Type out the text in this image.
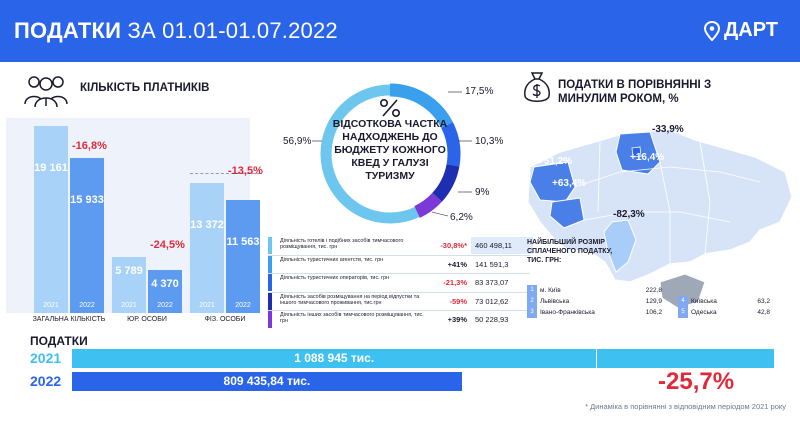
ПОДАТКИ ЗА 01.01-01.07.2022	ДАРТ
КІЛЬКІСТЬ ПЛАТНИКІВ
19 161
2021
15 933
2022
-16,8%
ЗАГАЛЬНА КІЛЬКІСТЬ
5 789
2021
4 370
2022
-24,5%
ЮР. ОСОБИ
13 372
2021
11 563
2022
-13,5%
ФІЗ. ОСОБИ
ВІДСОТКОВА ЧАСТКА НАДХОДЖЕНЬ ДО БЮДЖЕТУ КОЖНОГО КВЕД У ГАЛУЗІ ТУРИЗМУ
56,9%
17,5%
10,3%
9%
6,2%
Діяльність готелів і подібних засобів тимчасового розміщування, тис. грн	-30,8%*	460 498,11
Діяльність туристичних агентств, тис. грн	+41%	141 591,3
Діяльність туристичних операторів, тис. грн	-21,3%	83 373,07
Діяльність засобів розміщування на період відпустки та іншого тимчасового проживання, тис.грн	-59%	73 012,62
Діяльність інших засобів тимчасового розміщування, тис. грн	+39%	50 228,93
ПОДАТКИ В ПОРІВНЯННІ З МИНУЛИМ РОКОМ, %
-33,9%
+51,2%	+16,4%
+63,4%
-82,3%
НАЙБІЛЬШИЙ РОЗМІР СПЛАЧЕНОГО ПОДАТКУ, ТИС. ГРН:
1 м. Київ	222,8
2 Львівська	129,9
3 Івано-Франківська	106,2
4 Київська	63,2
5 Одеська	42,8
ПОДАТКИ
2021	1 088 945 тис.
2022	809 435,84 тис.	-25,7%
* Динаміка в порівнянні з відповідним періодом 2021 року
